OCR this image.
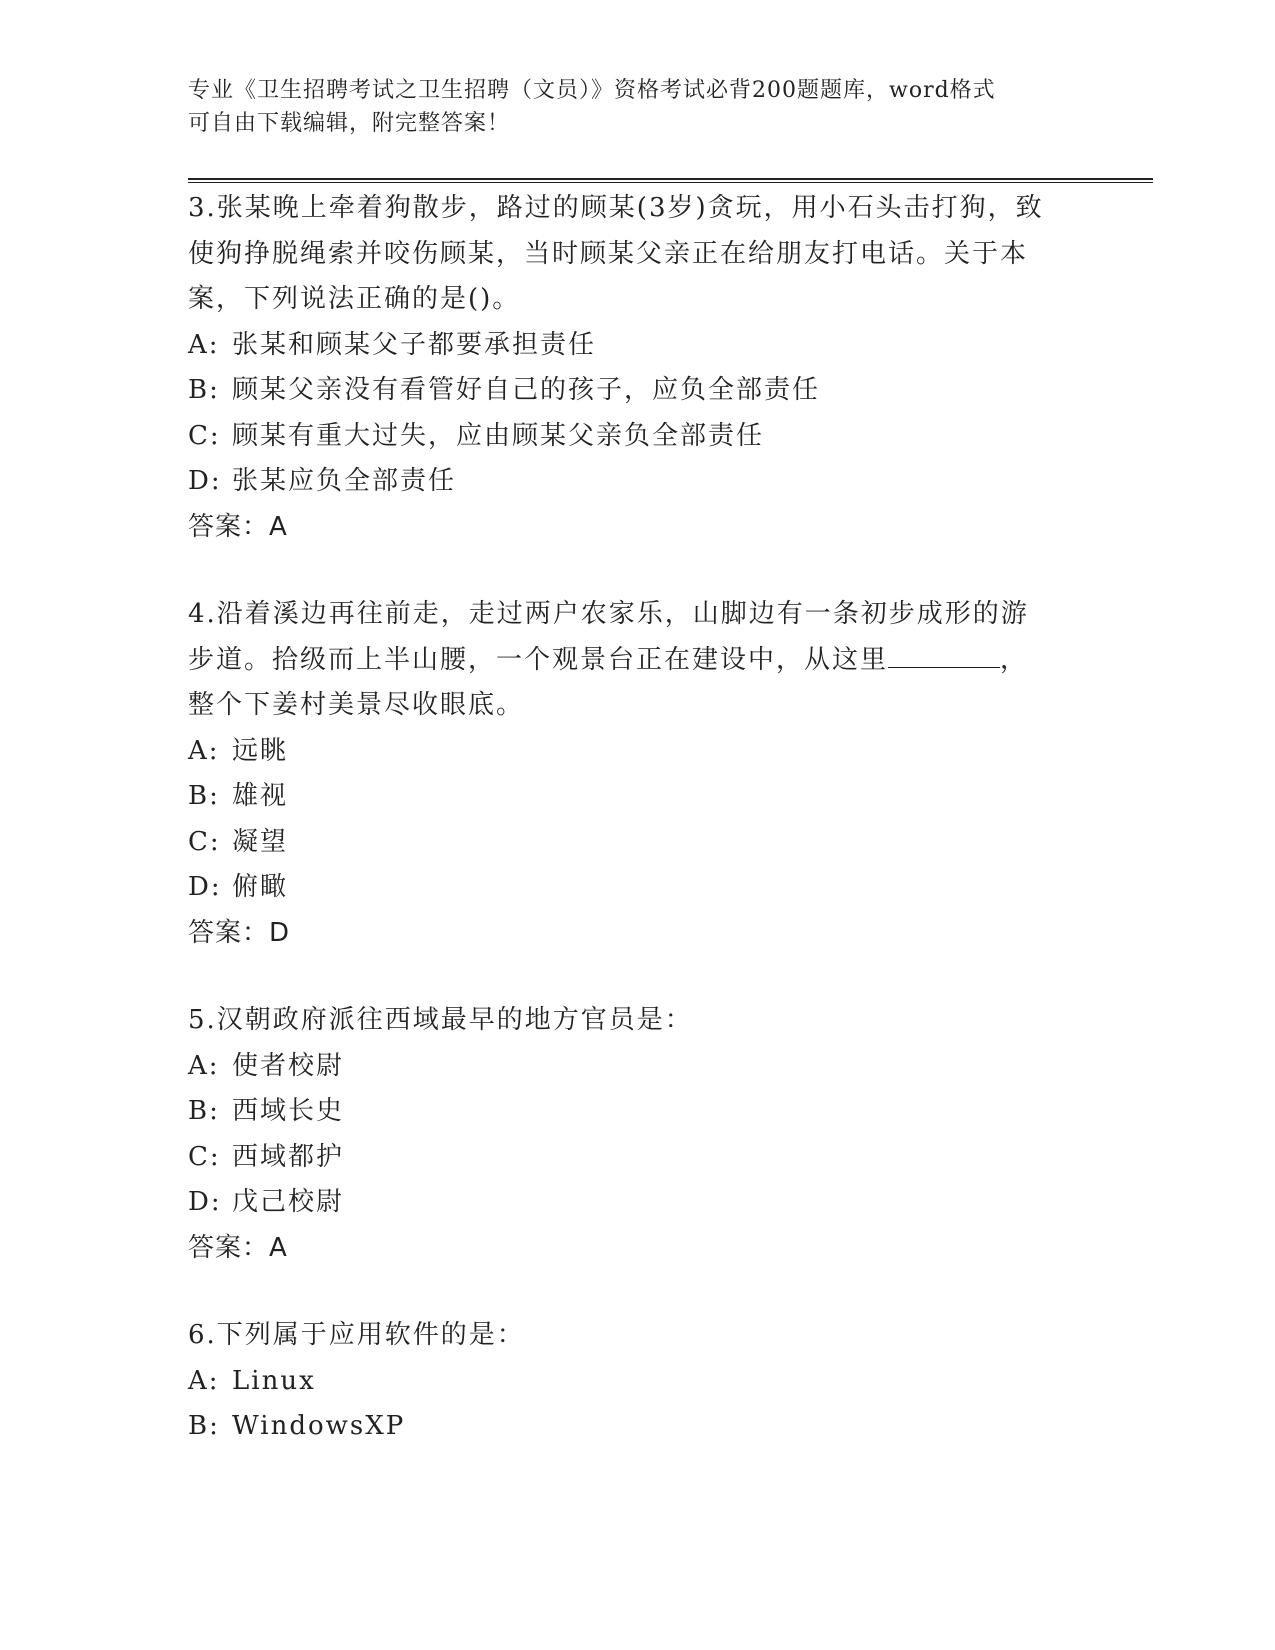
专业《卫生招聘考试之卫生招聘（文员）》资格考试必背200题题库，word格式
可自由下载编辑，附完整答案！
3.张某晚上牵着狗散步，路过的顾某(3岁)贪玩，用小石头击打狗，致
使狗挣脱绳索并咬伤顾某，当时顾某父亲正在给朋友打电话。关于本
案，下列说法正确的是()。
A: 张某和顾某父子都要承担责任
B: 顾某父亲没有看管好自己的孩子，应负全部责任
C: 顾某有重大过失，应由顾某父亲负全部责任
D: 张某应负全部责任
答案：A
4.沿着溪边再往前走，走过两户农家乐，山脚边有一条初步成形的游
步道。拾级而上半山腰，一个观景台正在建设中，从这里	，
整个下姜村美景尽收眼底。
A: 远眺
B: 雄视
C: 凝望
D: 俯瞰
答案：D
5.汉朝政府派往西域最早的地方官员是：
A: 使者校尉
B: 西域长史
C: 西域都护
D: 戊己校尉
答案：A
6.下列属于应用软件的是：
A: Linux
B: WindowsXP
